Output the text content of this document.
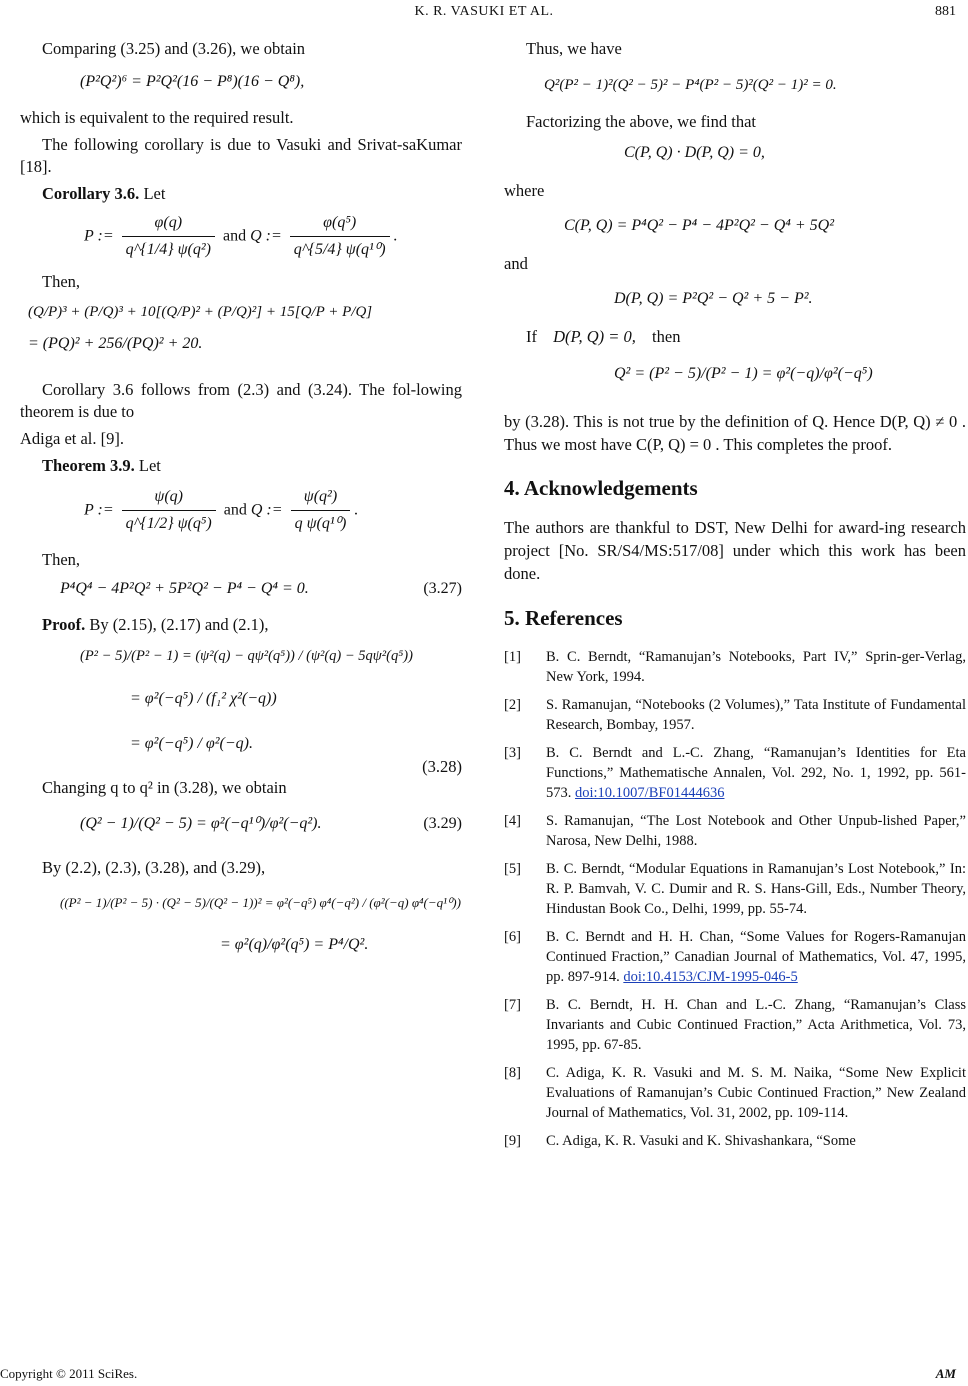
K. R. VASUKI ET AL.	881

Comparing (3.25) and (3.26), we obtain

(P²Q²)⁶ = P²Q²(16 − P⁸)(16 − Q⁸),

which is equivalent to the required result.

The following corollary is due to Vasuki and Srivat-saKumar [18].

Corollary 3.6. Let

P := $\frac{\varphi(q)}{\text{q\textasciicircum{}\{1/4\} ψ(q²)}}$ and Q := $\frac{\text{φ(q⁵)}}{\text{q\textasciicircum{}\{5/4\} ψ(q¹⁰)}}$ .

Then,

(Q/P)³ + (P/Q)³ + 10[(Q/P)² + (P/Q)²] + 15[Q/P + P/Q]
= (PQ)² + 256/(PQ)² + 20.

Corollary 3.6 follows from (2.3) and (3.24). The fol-lowing theorem is due to

Adiga et al. [9].

Theorem 3.9. Let

P := $\frac{\psi(q)}{\text{q\textasciicircum{}\{1/2\} ψ(q⁵)}}$ and Q := $\frac{\text{ψ(q²)}}{\text{q ψ(q¹⁰)}}$ .

Then,

P⁴Q⁴ − 4P²Q² + 5P²Q² − P⁴ − Q⁴ = 0.	(3.27)

Proof. By (2.15), (2.17) and (2.1),

(P² − 5)/(P² − 1) = (ψ²(q) − qψ²(q⁵)) / (ψ²(q) − 5qψ²(q⁵))
= φ²(−q⁵) / (f₁² χ²(−q))
= φ²(−q⁵) / φ²(−q).
(3.28)

Changing q to q² in (3.28), we obtain

(Q² − 1)/(Q² − 5) = φ²(−q¹⁰)/φ²(−q²).	(3.29)

By (2.2), (2.3), (3.28), and (3.29),

((P² − 1)/(P² − 5) · (Q² − 5)/(Q² − 1))² = φ²(−q⁵) φ⁴(−q²) / (φ²(−q) φ⁴(−q¹⁰))
= φ²(q)/φ²(q⁵) = P⁴/Q².

Thus, we have

Q²(P² − 1)²(Q² − 5)² − P⁴(P² − 5)²(Q² − 1)² = 0.

Factorizing the above, we find that

C(P, Q) · D(P, Q) = 0,

where

C(P, Q) = P⁴Q² − P⁴ − 4P²Q² − Q⁴ + 5Q²

and

D(P, Q) = P²Q² − Q² + 5 − P².

If D(P, Q) = 0, then

Q² = (P² − 5)/(P² − 1) = φ²(−q)/φ²(−q⁵)

by (3.28). This is not true by the definition of Q. Hence D(P, Q) ≠ 0 . Thus we most have C(P, Q) = 0 . This completes the proof.

4. Acknowledgements

The authors are thankful to DST, New Delhi for award-ing research project [No. SR/S4/MS:517/08] under which this work has been done.

5. References
[1]	B. C. Berndt, “Ramanujan’s Notebooks, Part IV,” Sprin-ger-Verlag, New York, 1994.
[2]	S. Ramanujan, “Notebooks (2 Volumes),” Tata Institute of Fundamental Research, Bombay, 1957.
[3]	B. C. Berndt and L.-C. Zhang, “Ramanujan’s Identities for Eta Functions,” Mathematische Annalen, Vol. 292, No. 1, 1992, pp. 561-573. doi:10.1007/BF01444636
[4]	S. Ramanujan, “The Lost Notebook and Other Unpub-lished Paper,” Narosa, New Delhi, 1988.
[5]	B. C. Berndt, “Modular Equations in Ramanujan’s Lost Notebook,” In: R. P. Bamvah, V. C. Dumir and R. S. Hans-Gill, Eds., Number Theory, Hindustan Book Co., Delhi, 1999, pp. 55-74.
[6]	B. C. Berndt and H. H. Chan, “Some Values for Rogers-Ramanujan Continued Fraction,” Canadian Journal of Mathematics, Vol. 47, 1995, pp. 897-914. doi:10.4153/CJM-1995-046-5
[7]	B. C. Berndt, H. H. Chan and L.-C. Zhang, “Ramanujan’s Class Invariants and Cubic Continued Fraction,” Acta Arithmetica, Vol. 73, 1995, pp. 67-85.
[8]	C. Adiga, K. R. Vasuki and M. S. M. Naika, “Some New Explicit Evaluations of Ramanujan’s Cubic Continued Fraction,” New Zealand Journal of Mathematics, Vol. 31, 2002, pp. 109-114.
[9]	C. Adiga, K. R. Vasuki and K. Shivashankara, “Some
Copyright © 2011 SciRes.	AM
